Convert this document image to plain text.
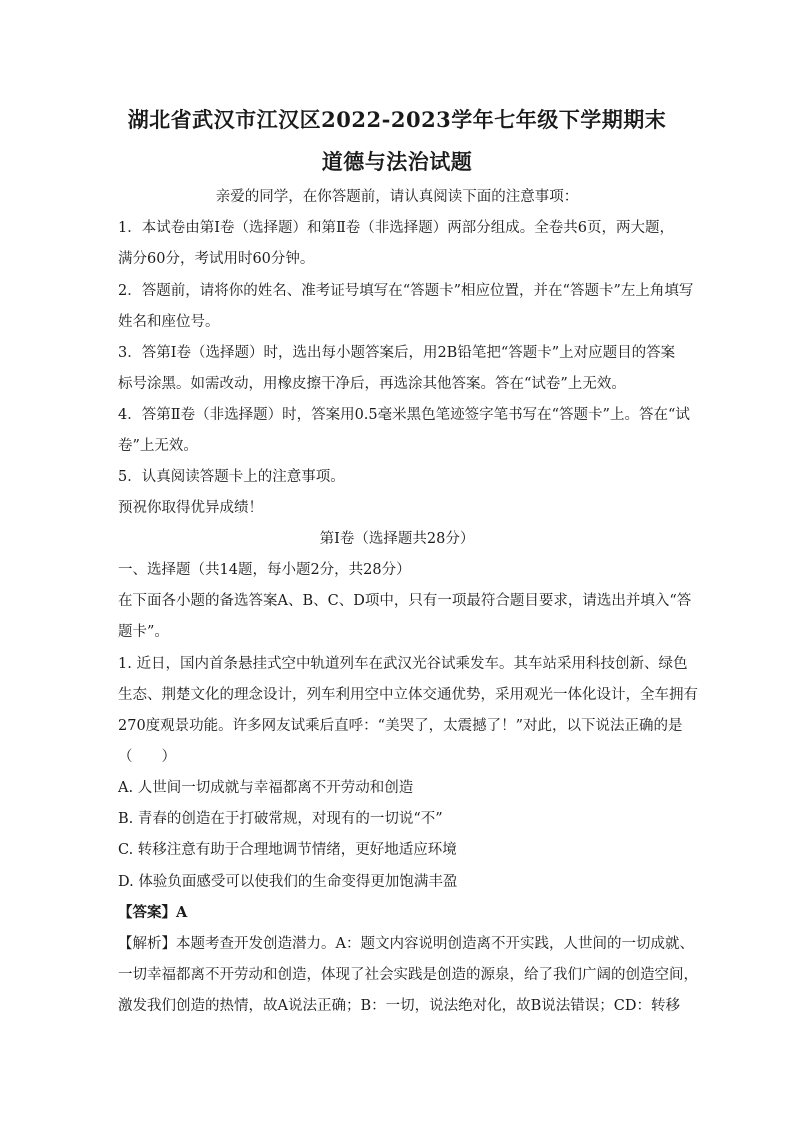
湖北省武汉市江汉区2022-2023学年七年级下学期期末
道德与法治试题
亲爱的同学，在你答题前，请认真阅读下面的注意事项：
1．本试卷由第Ⅰ卷（选择题）和第Ⅱ卷（非选择题）两部分组成。全卷共6页，两大题，
满分60分，考试用时60分钟。
2．答题前，请将你的姓名、准考证号填写在“答题卡”相应位置，并在“答题卡”左上角填写
姓名和座位号。
3．答第Ⅰ卷（选择题）时，选出每小题答案后，用2B铅笔把“答题卡”上对应题目的答案
标号涂黑。如需改动，用橡皮擦干净后，再选涂其他答案。答在“试卷”上无效。
4．答第Ⅱ卷（非选择题）时，答案用0.5毫米黑色笔迹签字笔书写在“答题卡”上。答在“试
卷”上无效。
5．认真阅读答题卡上的注意事项。
预祝你取得优异成绩！
第Ⅰ卷（选择题共28分）
一、选择题（共14题，每小题2分，共28分）
在下面各小题的备选答案A、B、C、D项中，只有一项最符合题目要求，请选出并填入“答
题卡”。
1. 近日，国内首条悬挂式空中轨道列车在武汉光谷试乘发车。其车站采用科技创新、绿色
生态、荆楚文化的理念设计，列车利用空中立体交通优势，采用观光一体化设计，全车拥有
270度观景功能。许多网友试乘后直呼：“美哭了，太震撼了！”对此，以下说法正确的是
（　　）
A. 人世间一切成就与幸福都离不开劳动和创造
B. 青春的创造在于打破常规，对现有的一切说“不”
C. 转移注意有助于合理地调节情绪，更好地适应环境
D. 体验负面感受可以使我们的生命变得更加饱满丰盈
【答案】A
【解析】本题考查开发创造潜力。A：题文内容说明创造离不开实践，人世间的一切成就、
一切幸福都离不开劳动和创造，体现了社会实践是创造的源泉，给了我们广阔的创造空间，
激发我们创造的热情，故A说法正确；B：一切，说法绝对化，故B说法错误；CD：转移
